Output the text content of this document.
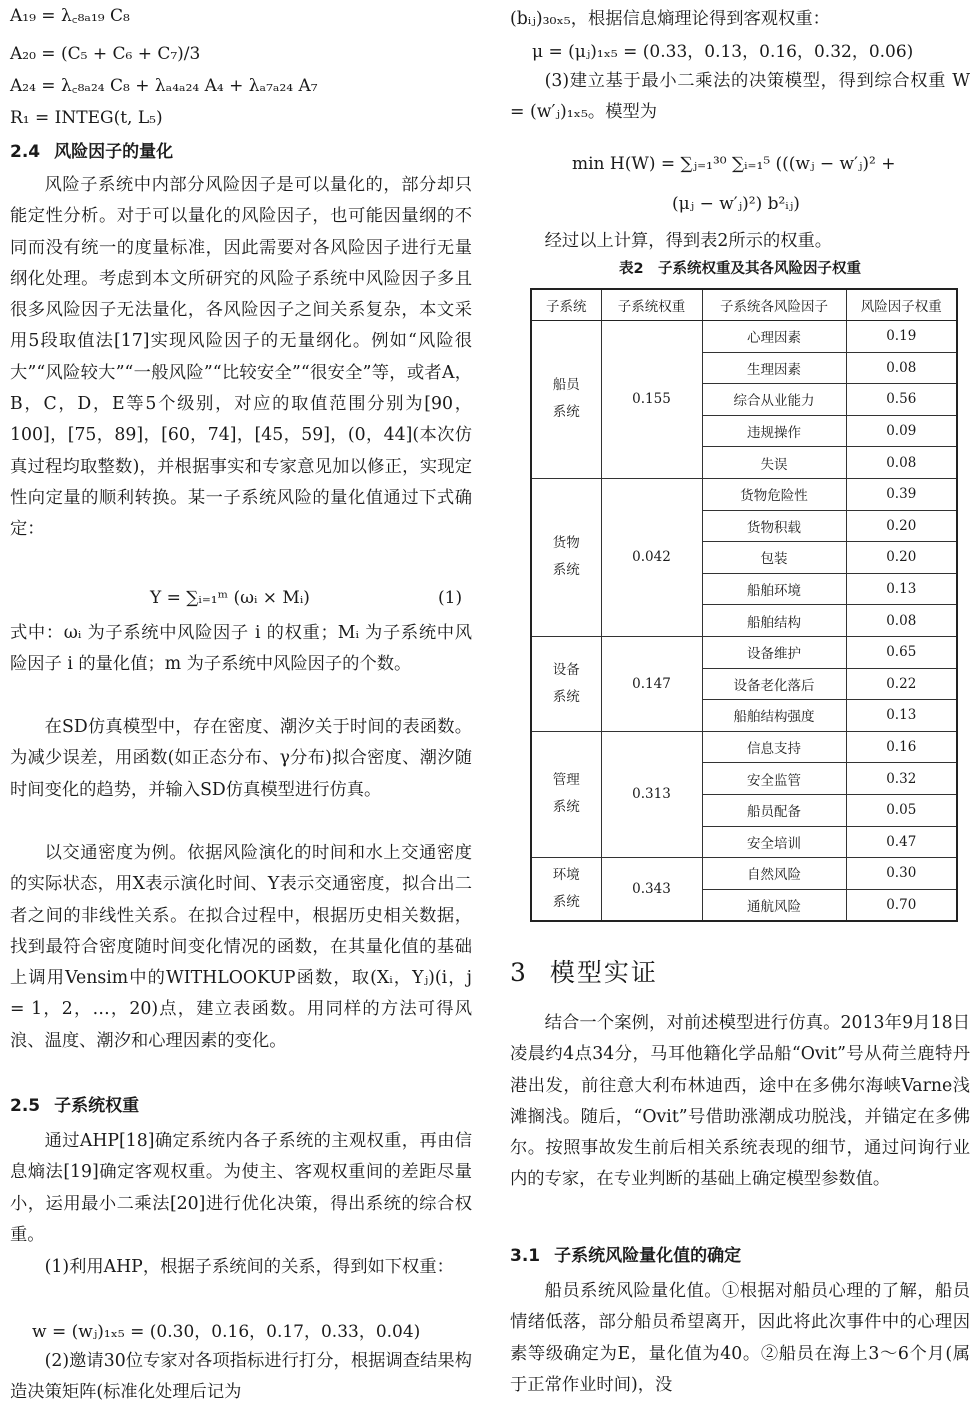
A₁₉ = λ꜀₈ₐ₁₉ C₈
A₂₀ = (C₅ + C₆ + C₇)/3
A₂₄ = λ꜀₈ₐ₂₄ C₈ + λₐ₄ₐ₂₄ A₄ + λₐ₇ₐ₂₄ A₇
R₁ = INTEG(t, L₅)
2.4 风险因子的量化
风险子系统中内部分风险因子是可以量化的，部分却只能定性分析。对于可以量化的风险因子，也可能因量纲的不同而没有统一的度量标准，因此需要对各风险因子进行无量纲化处理。考虑到本文所研究的风险子系统中风险因子多且很多风险因子无法量化，各风险因子之间关系复杂，本文采用5段取值法[17]实现风险因子的无量纲化。例如“风险很大”“风险较大”“一般风险”“比较安全”“很安全”等，或者A，B，C，D，E等5个级别，对应的取值范围分别为[90，100]，[75，89]，[60，74]，[45，59]，(0，44](本次仿真过程均取整数)，并根据事实和专家意见加以修正，实现定性向定量的顺利转换。某一子系统风险的量化值通过下式确定：
Y = ∑ᵢ₌₁ᵐ (ωᵢ × Mᵢ)	(1)
式中：ωᵢ 为子系统中风险因子 i 的权重；Mᵢ 为子系统中风险因子 i 的量化值；m 为子系统中风险因子的个数。
在SD仿真模型中，存在密度、潮汐关于时间的表函数。为减少误差，用函数(如正态分布、γ分布)拟合密度、潮汐随时间变化的趋势，并输入SD仿真模型进行仿真。
以交通密度为例。依据风险演化的时间和水上交通密度的实际状态，用X表示演化时间、Y表示交通密度，拟合出二者之间的非线性关系。在拟合过程中，根据历史相关数据，找到最符合密度随时间变化情况的函数，在其量化值的基础上调用Vensim中的WITHLOOKUP函数，取(Xᵢ，Yⱼ)(i，j = 1，2，…，20)点，建立表函数。用同样的方法可得风浪、温度、潮汐和心理因素的变化。
2.5 子系统权重
通过AHP[18]确定系统内各子系统的主观权重，再由信息熵法[19]确定客观权重。为使主、客观权重间的差距尽量小，运用最小二乘法[20]进行优化决策，得出系统的综合权重。
(1)利用AHP，根据子系统间的关系，得到如下权重：
w = (wⱼ)₁ₓ₅ = (0.30，0.16，0.17，0.33，0.04)
(2)邀请30位专家对各项指标进行打分，根据调查结果构造决策矩阵(标准化处理后记为
(bᵢⱼ)₃₀ₓ₅，根据信息熵理论得到客观权重：
μ = (μⱼ)₁ₓ₅ = (0.33，0.13，0.16，0.32，0.06)
(3)建立基于最小二乘法的决策模型，得到综合权重 W = (w′ⱼ)₁ₓ₅。模型为
min H(W) = ∑ⱼ₌₁³⁰ ∑ᵢ₌₁⁵ (((wⱼ − w′ⱼ)² +
(μⱼ − w′ⱼ)²) b²ᵢⱼ)
经过以上计算，得到表2所示的权重。
表2　子系统权重及其各风险因子权重
子系统	子系统权重	子系统各风险因子	风险因子权重

船员
系统	0.155	心理因素	0.19
		生理因素	0.08
		综合从业能力	0.56
		违规操作	0.09
		失误	0.08

货物
系统	0.042	货物危险性	0.39
		货物积载	0.20
		包装	0.20
		船舶环境	0.13
		船舶结构	0.08

设备
系统	0.147	设备维护	0.65
		设备老化落后	0.22
		船舶结构强度	0.13

管理
系统	0.313	信息支持	0.16
		安全监管	0.32
		船员配备	0.05
		安全培训	0.47

环境
系统	0.343	自然风险	0.30
		通航风险	0.70
3 模型实证
结合一个案例，对前述模型进行仿真。2013年9月18日凌晨约4点34分，马耳他籍化学品船“Ovit”号从荷兰鹿特丹港出发，前往意大利布林迪西，途中在多佛尔海峡Varne浅滩搁浅。随后，“Ovit”号借助涨潮成功脱浅，并锚定在多佛尔。按照事故发生前后相关系统表现的细节，通过问询行业内的专家，在专业判断的基础上确定模型参数值。
3.1 子系统风险量化值的确定
船员系统风险量化值。①根据对船员心理的了解，船员情绪低落，部分船员希望离开，因此将此次事件中的心理因素等级确定为E，量化值为40。②船员在海上3～6个月(属于正常作业时间)，没
